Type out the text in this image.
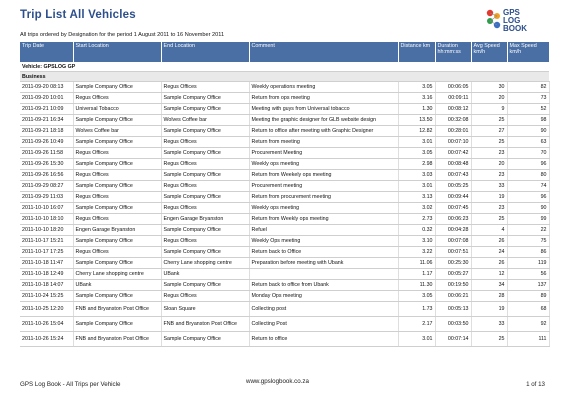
Trip List All Vehicles
All trips ordered by Designation for the period 1 August 2011 to 16 November 2011
GPS
LOG
BOOK
Trip Date	Start Location	End Location	Comment	Distance km	Duration hh:mm:ss	Avg Speed km/h	Max Speed km/h
Vehicle: GPSLOG GP							
Business							
2011-09-20 08:13	Sample Company Office	Regus Offices	Weekly operations meeting	3.05	00:06:05	30	82
2011-09-20 10:01	Regus Offices	Sample Company Office	Return from ops meeting	3.16	00:09:11	20	73
2011-09-21 10:09	Universal Tobacco	Sample Company Office	Meeting with guys from Universal tobacco	1.30	00:08:12	9	52
2011-09-21 16:34	Sample Company Office	Wolves Coffee bar	Meeting the graphic designer for GLB website design	13.50	00:32:08	25	98
2011-09-21 18:18	Wolves Coffee bar	Sample Company Office	Return to office after meeting with Graphic Designer	12.82	00:28:01	27	90
2011-09-26 10:49	Sample Company Office	Regus Offices	Return from meeting	3.01	00:07:10	25	63
2011-09-26 11:58	Regus Offices	Sample Company Office	Procurement Meeting	3.05	00:07:42	23	70
2011-09-26 15:30	Sample Company Office	Regus Offices	Weekly ops meeting	2.98	00:08:48	20	96
2011-09-26 16:56	Regus Offices	Sample Company Office	Return from Weekely ops meeting	3.03	00:07:43	23	80
2011-09-29 08:27	Sample Company Office	Regus Offices	Procurement meeting	3.01	00:05:25	33	74
2011-09-29 11:03	Regus Offices	Sample Company Office	Return from procurement meeting	3.13	00:09:44	19	96
2011-10-10 16:07	Sample Company Office	Regus Offices	Weekly ops meeting	3.02	00:07:45	23	90
2011-10-10 18:10	Regus Offices	Engen Garage Bryanston	Return from Weekly ops meeting	2.73	00:06:23	25	99
2011-10-10 18:20	Engen Garage Bryanston	Sample Company Office	Refuel	0.32	00:04:28	4	22
2011-10-17 15:21	Sample Company Office	Regus Offices	Weekly Ops meeting	3.10	00:07:08	26	75
2011-10-17 17:25	Regus Offices	Sample Company Office	Return back to Office	3.22	00:07:51	24	86
2011-10-18 11:47	Sample Company Office	Cherry Lane shopping centre	Preparation before meeting with Ubank	11.06	00:25:30	26	119
2011-10-18 12:49	Cherry Lane shopping centre	UBank		1.17	00:05:27	12	56
2011-10-18 14:07	UBank	Sample Company Office	Return back to office from Ubank	11.30	00:19:50	34	137
2011-10-24 15:25	Sample Company Office	Regus Offices	Monday Ops meeting	3.05	00:06:21	28	89
2011-10-25 12:20	FNB and Bryanston Post Office	Sloan Square	Collecting post	1.73	00:05:13	19	68
2011-10-26 15:04	Sample Company Office	FNB and Bryanston Post Office	Collecting Post	2.17	00:03:50	33	92
2011-10-26 15:24	FNB and Bryanston Post Office	Sample Company Office	Return to office	3.01	00:07:14	25	111
GPS Log Book - All Trips per Vehicle	www.gpslogbook.co.za	1 of 13
